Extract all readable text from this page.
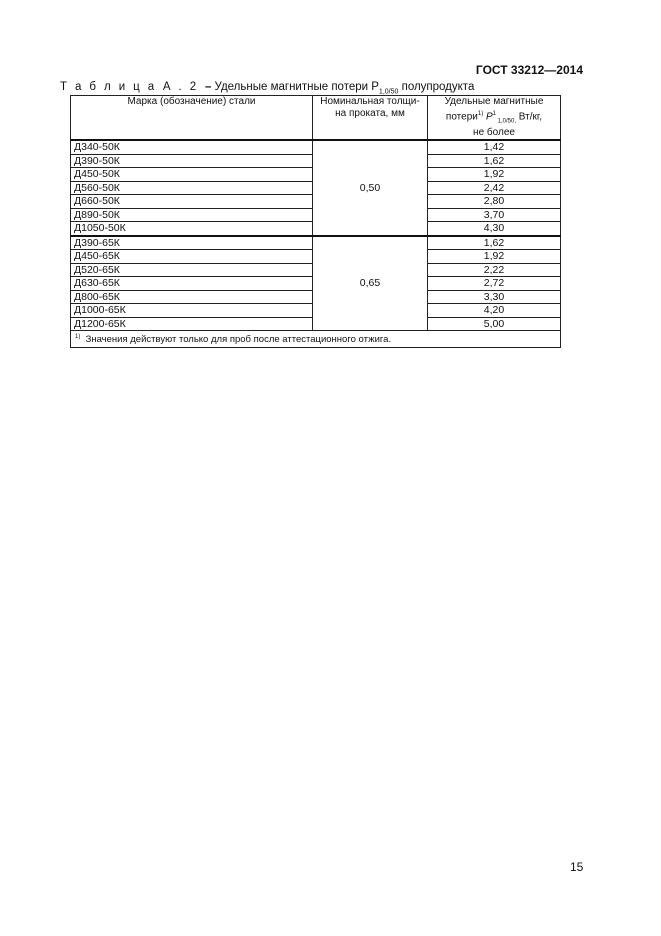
ГОСТ 33212—2014
Т а б л и ц а А . 2 – Удельные магнитные потери $P_{1,0/50}$ полупродукта
Марка (обозначение) стали	Номинальная толщи-на проката, мм	Удельные магнитные
потери$^{1)}$ $P^1$ $_{1,0/50,}$ Вт/кг,
не более
Д340-50К	0,50	1,42
Д390-50К		1,62
Д450-50К		1,92
Д560-50К		2,42
Д660-50К		2,80
Д890-50К		3,70
Д1050-50К		4,30
Д390-65К	0,65	1,62
Д450-65К		1,92
Д520-65К		2,22
Д630-65К		2,72
Д800-65К		3,30
Д1000-65К		4,20
Д1200-65К		5,00
$^{1)}$ Значения действуют только для проб после аттестационного отжига.		
15
